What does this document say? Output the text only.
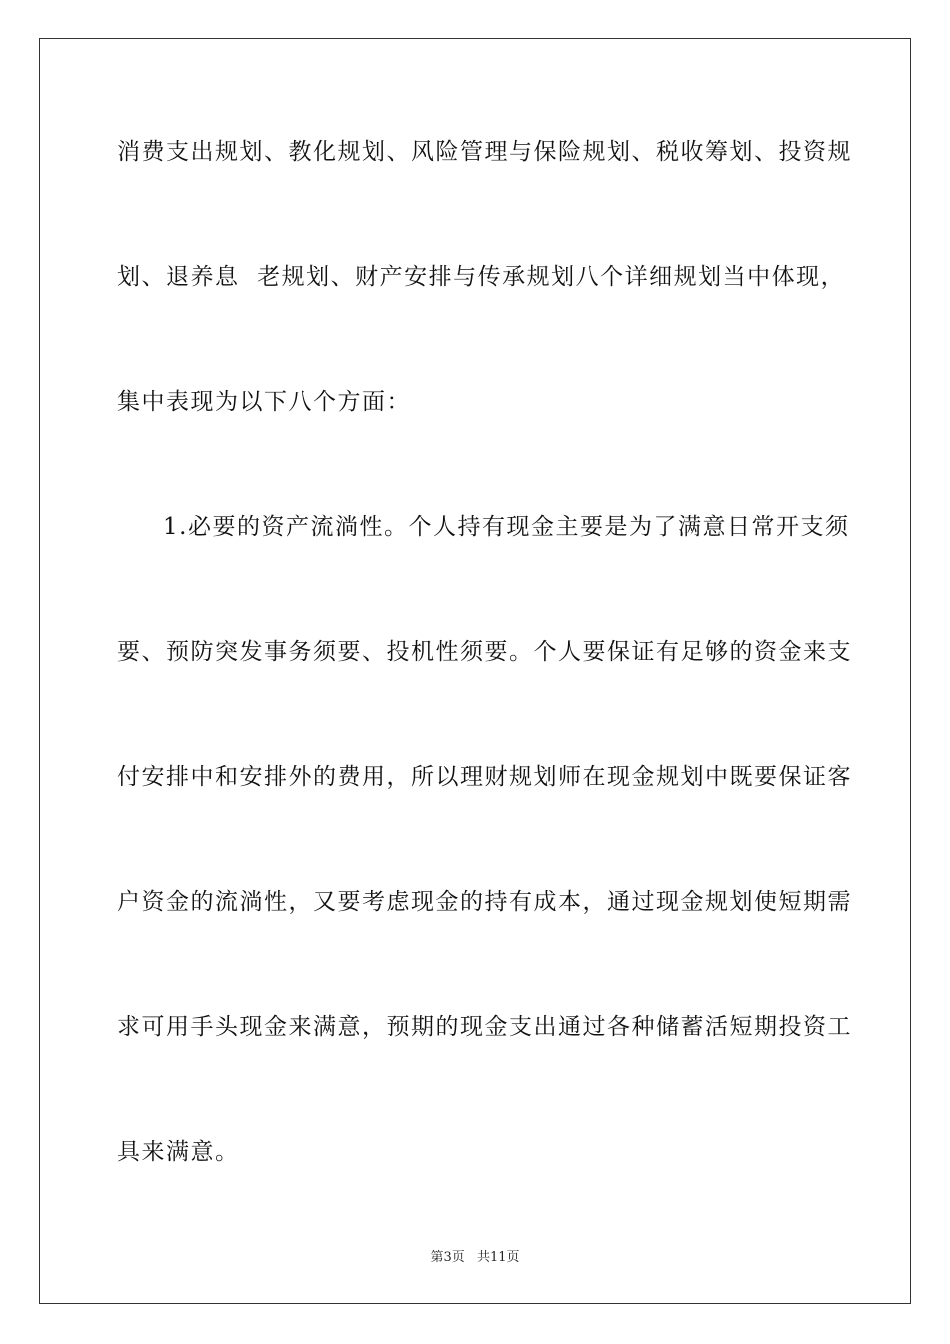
消费支出规划、教化规划、风险管理与保险规划、税收筹划、投资规
划、退养息  老规划、财产安排与传承规划八个详细规划当中体现，
集中表现为以下八个方面：
1.必要的资产流淌性。个人持有现金主要是为了满意日常开支须
要、预防突发事务须要、投机性须要。个人要保证有足够的资金来支
付安排中和安排外的费用，所以理财规划师在现金规划中既要保证客
户资金的流淌性，又要考虑现金的持有成本，通过现金规划使短期需
求可用手头现金来满意，预期的现金支出通过各种储蓄活短期投资工
具来满意。
第3页 共11页
